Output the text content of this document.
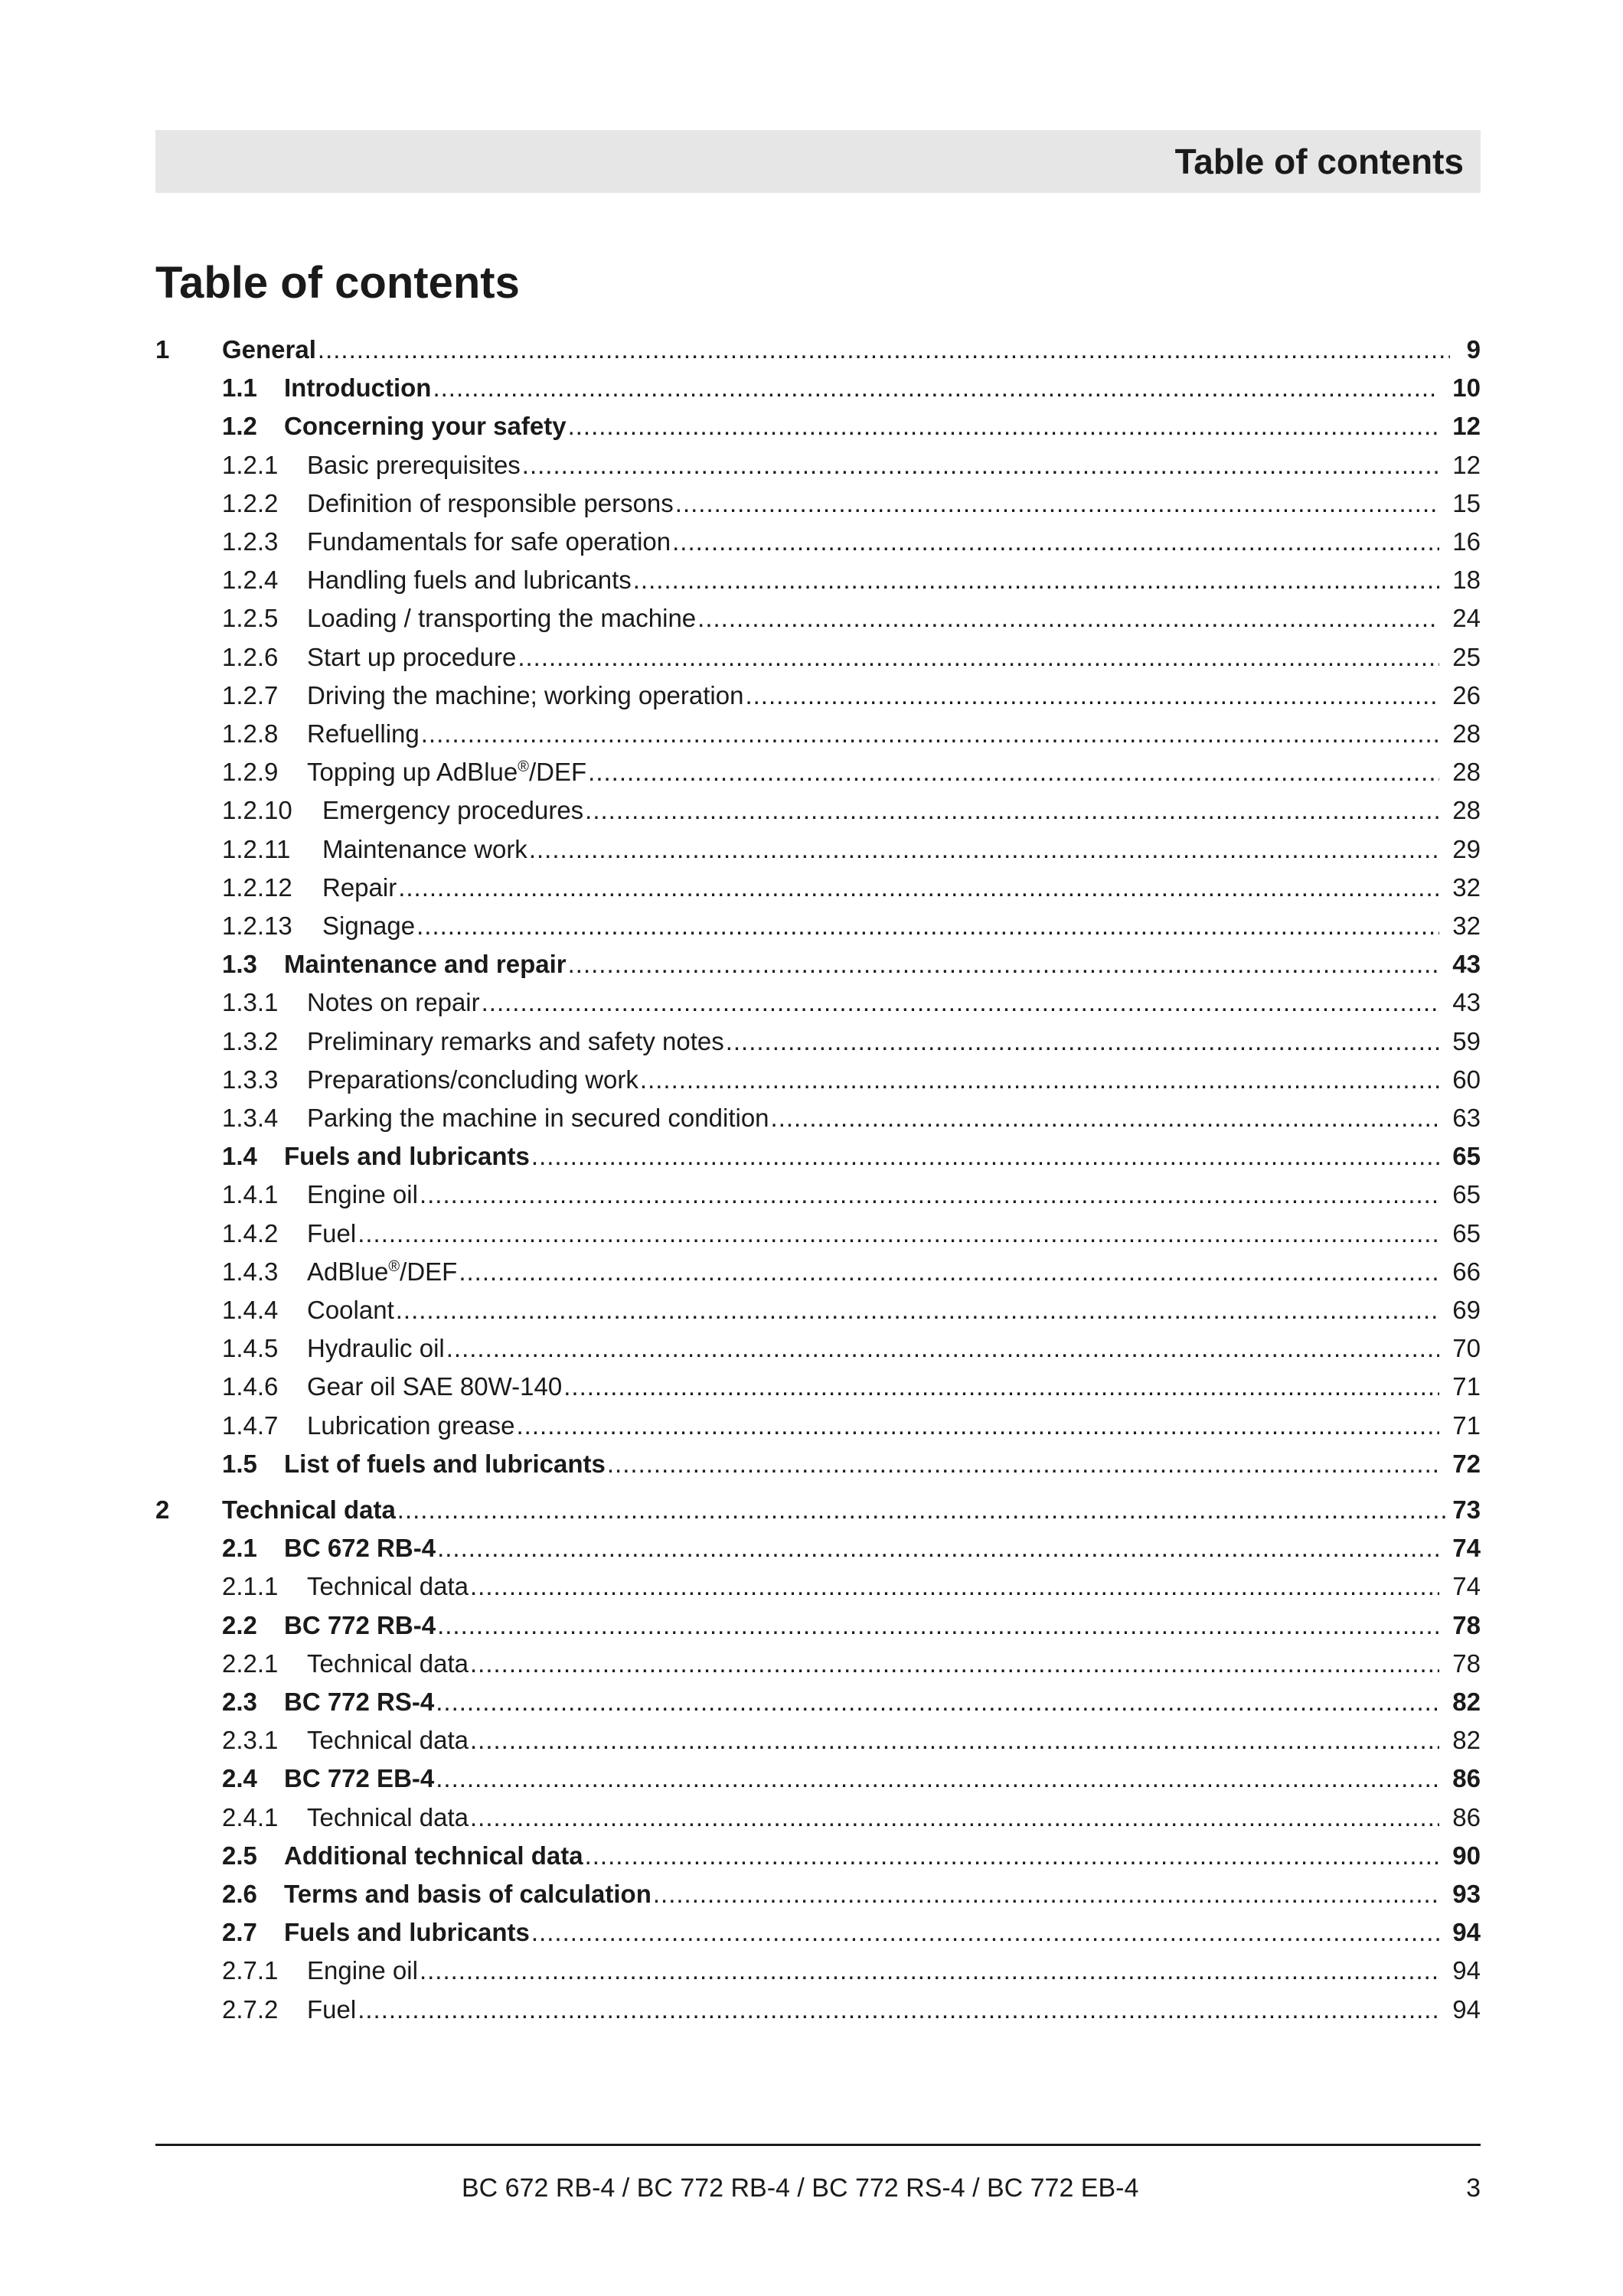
Table of contents
Table of contents
1 General .....	9
1.1 Introduction .....	10
1.2 Concerning your safety .....	12
1.2.1 Basic prerequisites .....	12
1.2.2 Definition of responsible persons .....	15
1.2.3 Fundamentals for safe operation .....	16
1.2.4 Handling fuels and lubricants .....	18
1.2.5 Loading / transporting the machine .....	24
1.2.6 Start up procedure .....	25
1.2.7 Driving the machine; working operation .....	26
1.2.8 Refuelling .....	28
1.2.9 Topping up AdBlue®/DEF .....	28
1.2.10 Emergency procedures .....	28
1.2.11 Maintenance work .....	29
1.2.12 Repair .....	32
1.2.13 Signage .....	32
1.3 Maintenance and repair .....	43
1.3.1 Notes on repair .....	43
1.3.2 Preliminary remarks and safety notes .....	59
1.3.3 Preparations/concluding work .....	60
1.3.4 Parking the machine in secured condition .....	63
1.4 Fuels and lubricants .....	65
1.4.1 Engine oil .....	65
1.4.2 Fuel .....	65
1.4.3 AdBlue®/DEF .....	66
1.4.4 Coolant .....	69
1.4.5 Hydraulic oil .....	70
1.4.6 Gear oil SAE 80W-140 .....	71
1.4.7 Lubrication grease .....	71
1.5 List of fuels and lubricants .....	72
2 Technical data .....	73
2.1 BC 672 RB-4 .....	74
2.1.1 Technical data .....	74
2.2 BC 772 RB-4 .....	78
2.2.1 Technical data .....	78
2.3 BC 772 RS-4 .....	82
2.3.1 Technical data .....	82
2.4 BC 772 EB-4 .....	86
2.4.1 Technical data .....	86
2.5 Additional technical data .....	90
2.6 Terms and basis of calculation .....	93
2.7 Fuels and lubricants .....	94
2.7.1 Engine oil .....	94
2.7.2 Fuel .....	94
BC 672 RB-4 / BC 772 RB-4 / BC 772 RS-4 / BC 772 EB-4	3
